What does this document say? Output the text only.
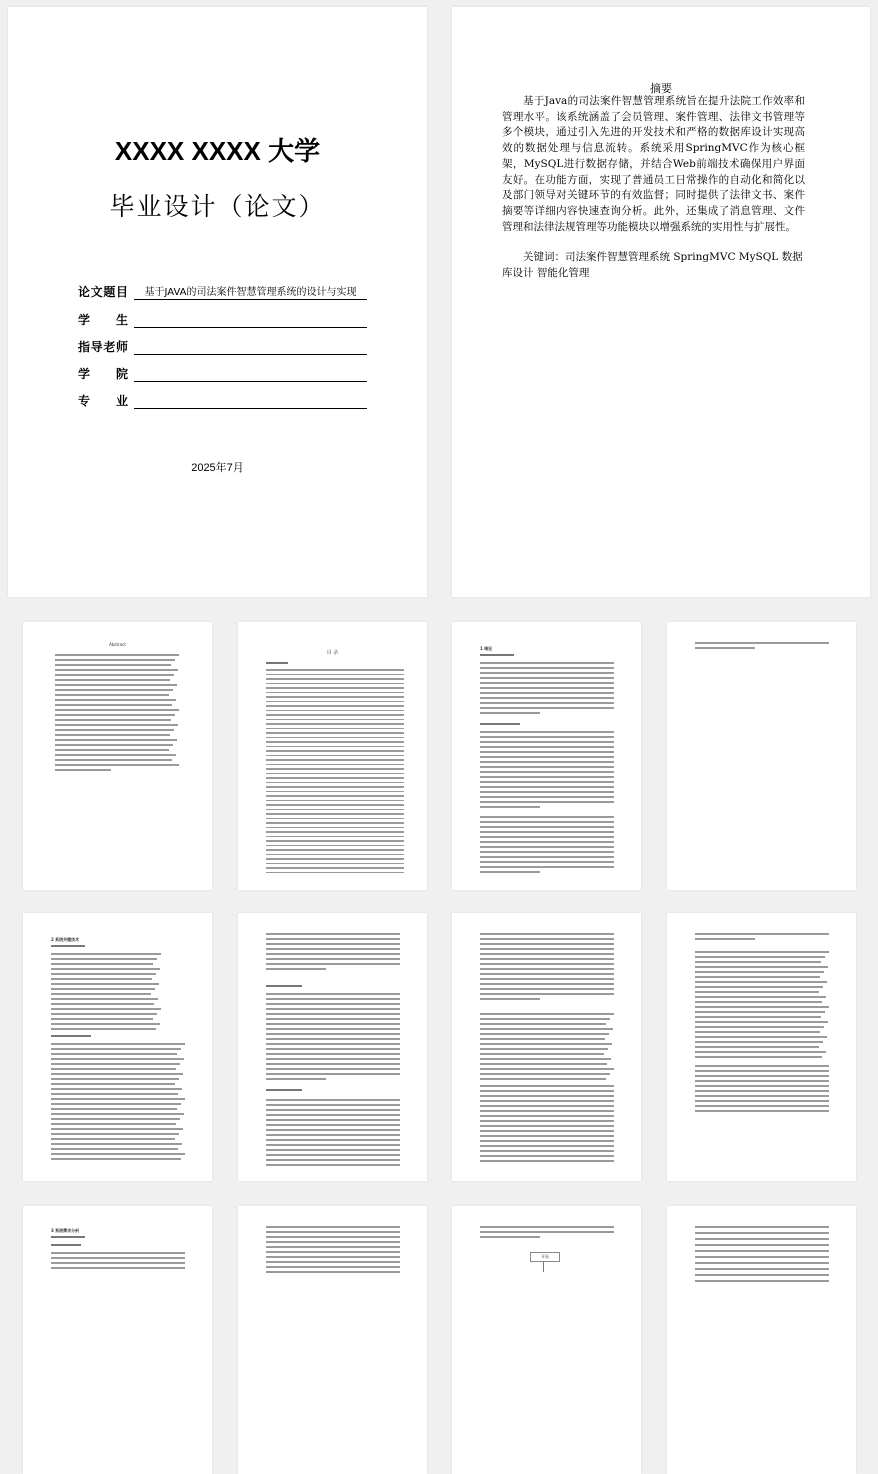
XXXX XXXX 大学
毕业设计（论文）
论文题目	基于JAVA的司法案件智慧管理系统的设计与实现
学生
指导老师
学院
专业
2025年7月
摘要
基于Java的司法案件智慧管理系统旨在提升法院工作效率和管理水平。该系统涵盖了会员管理、案件管理、法律文书管理等多个模块，通过引入先进的开发技术和严格的数据库设计实现高效的数据处理与信息流转。系统采用SpringMVC作为核心框架，MySQL进行数据存储，并结合Web前端技术确保用户界面友好。在功能方面，实现了普通员工日常操作的自动化和简化以及部门领导对关键环节的有效监督；同时提供了法律文书、案件摘要等详细内容快速查询分析。此外，还集成了消息管理、文件管理和法律法规管理等功能模块以增强系统的实用性与扩展性。
关键词：司法案件智慧管理系统 SpringMVC MySQL 数据库设计 智能化管理
Abstract
目 录
1 绪论
2 系统关键技术
3 系统需求分析
开始
